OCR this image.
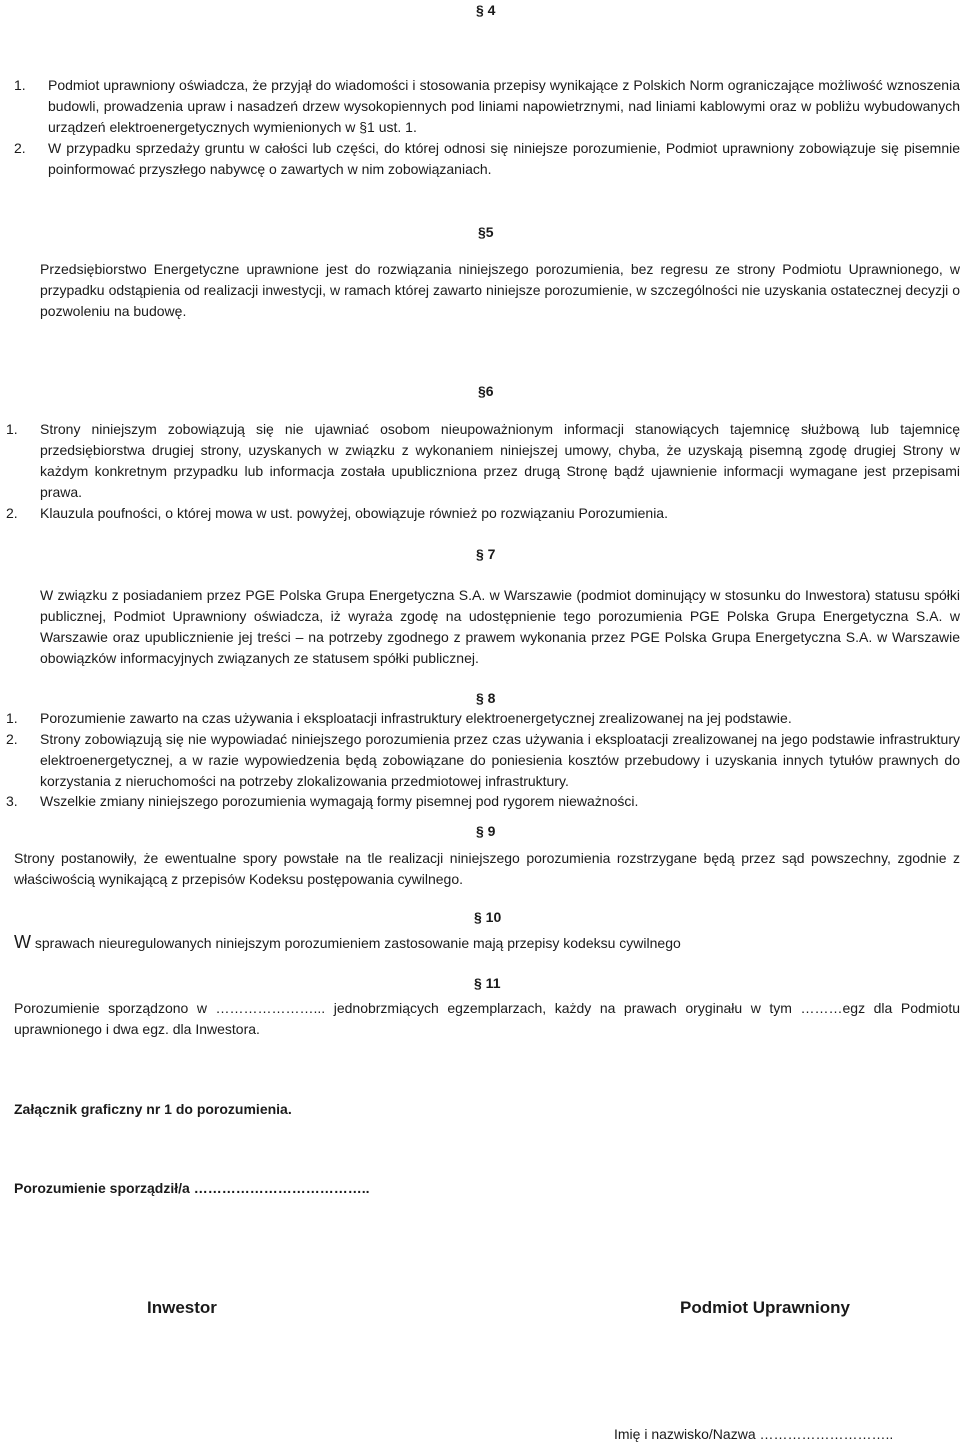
§ 4
1. Podmiot uprawniony oświadcza, że przyjął do wiadomości i stosowania przepisy wynikające z Polskich Norm ograniczające możliwość wznoszenia budowli, prowadzenia upraw i nasadzeń drzew wysokopiennych pod liniami napowietrznymi, nad liniami kablowymi oraz w pobliżu wybudowanych urządzeń elektroenergetycznych wymienionych w §1 ust. 1.

2. W przypadku sprzedaży gruntu w całości lub części, do której odnosi się niniejsze porozumienie, Podmiot uprawniony zobowiązuje się pisemnie poinformować przyszłego nabywcę o zawartych w nim zobowiązaniach.

§5

Przedsiębiorstwo Energetyczne uprawnione jest do rozwiązania niniejszego porozumienia, bez regresu ze strony Podmiotu Uprawnionego, w przypadku odstąpienia od realizacji inwestycji, w ramach której zawarto niniejsze porozumienie, w szczególności nie uzyskania ostatecznej decyzji o pozwoleniu na budowę.

§6
1. Strony niniejszym zobowiązują się nie ujawniać osobom nieupoważnionym informacji stanowiących tajemnicę służbową lub tajemnicę przedsiębiorstwa drugiej strony, uzyskanych w związku z wykonaniem niniejszej umowy, chyba, że uzyskają pisemną zgodę drugiej Strony w każdym konkretnym przypadku lub informacja została upubliczniona przez drugą Stronę bądź ujawnienie informacji wymagane jest przepisami prawa.

2. Klauzula poufności, o której mowa w ust. powyżej, obowiązuje również po rozwiązaniu Porozumienia.

§ 7

W związku z posiadaniem przez PGE Polska Grupa Energetyczna S.A. w Warszawie (podmiot dominujący w stosunku do Inwestora) statusu spółki publicznej, Podmiot Uprawniony oświadcza, iż wyraża zgodę na udostępnienie tego porozumienia PGE Polska Grupa Energetyczna S.A. w Warszawie oraz upublicznienie jej treści – na potrzeby zgodnego z prawem wykonania przez PGE Polska Grupa Energetyczna S.A. w Warszawie obowiązków informacyjnych związanych ze statusem spółki publicznej.

§ 8
1. Porozumienie zawarto na czas używania i eksploatacji infrastruktury elektroenergetycznej zrealizowanej na jej podstawie.

2. Strony zobowiązują się nie wypowiadać niniejszego porozumienia przez czas używania i eksploatacji zrealizowanej na jego podstawie infrastruktury elektroenergetycznej, a w razie wypowiedzenia będą zobowiązane do poniesienia kosztów przebudowy i uzyskania innych tytułów prawnych do korzystania z nieruchomości na potrzeby zlokalizowania przedmiotowej infrastruktury.

3. Wszelkie zmiany niniejszego porozumienia wymagają formy pisemnej pod rygorem nieważności.

§ 9

Strony postanowiły, że ewentualne spory powstałe na tle realizacji niniejszego porozumienia rozstrzygane będą przez sąd powszechny, zgodnie z właściwością wynikającą z przepisów Kodeksu postępowania cywilnego.

§ 10

W sprawach nieuregulowanych niniejszym porozumieniem zastosowanie mają przepisy kodeksu cywilnego

§ 11

Porozumienie sporządzono w …………………... jednobrzmiących egzemplarzach, każdy na prawach oryginału w tym ………egz dla Podmiotu uprawnionego i dwa egz. dla Inwestora.

Załącznik graficzny nr 1 do porozumienia.
Porozumienie sporządził/a ………………………………..
Inwestor	Podmiot Uprawniony
Imię i nazwisko/Nazwa ………………………..
